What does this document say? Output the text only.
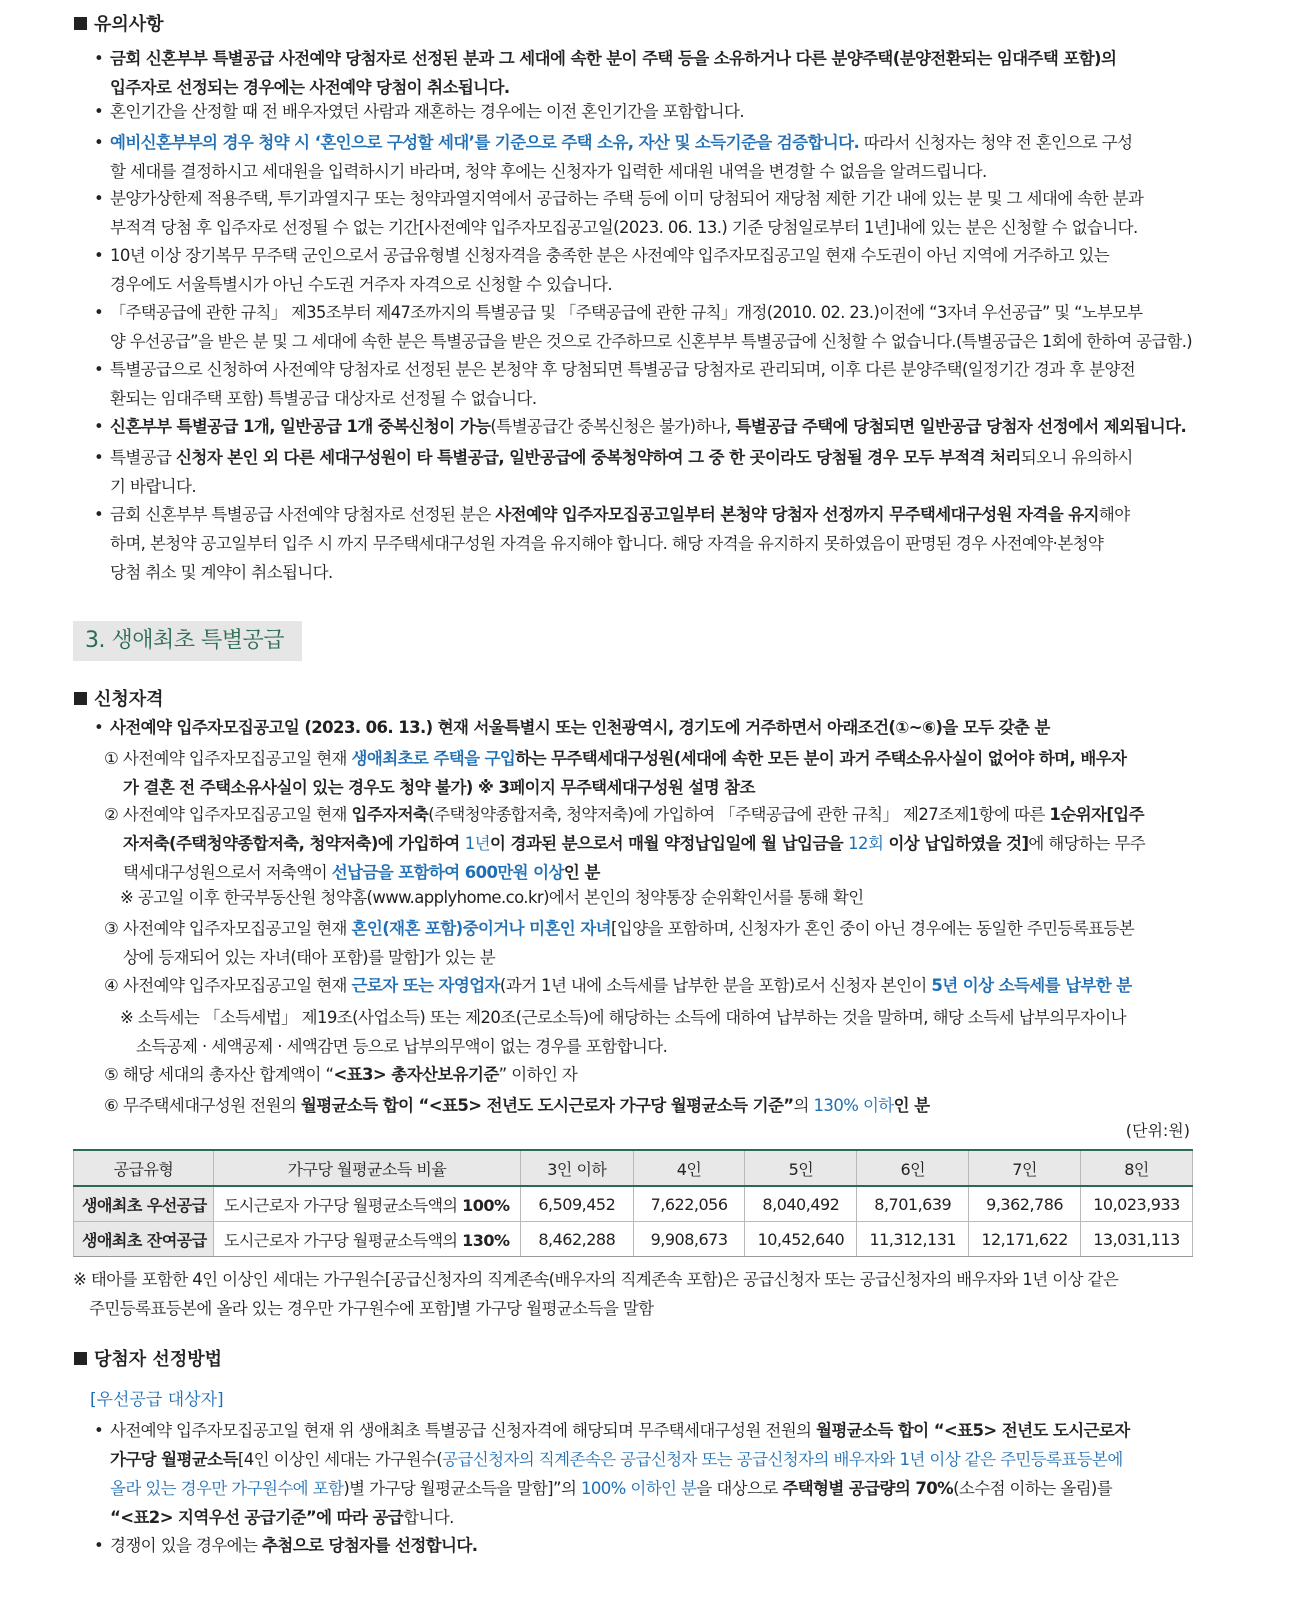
유의사항
• 금회 신혼부부 특별공급 사전예약 당첨자로 선정된 분과 그 세대에 속한 분이 주택 등을 소유하거나 다른 분양주택(분양전환되는 임대주택 포함)의
입주자로 선정되는 경우에는 사전예약 당첨이 취소됩니다.
• 혼인기간을 산정할 때 전 배우자였던 사람과 재혼하는 경우에는 이전 혼인기간을 포함합니다.
• 예비신혼부부의 경우 청약 시 ‘혼인으로 구성할 세대’를 기준으로 주택 소유, 자산 및 소득기준을 검증합니다. 따라서 신청자는 청약 전 혼인으로 구성
할 세대를 결정하시고 세대원을 입력하시기 바라며, 청약 후에는 신청자가 입력한 세대원 내역을 변경할 수 없음을 알려드립니다.
• 분양가상한제 적용주택, 투기과열지구 또는 청약과열지역에서 공급하는 주택 등에 이미 당첨되어 재당첨 제한 기간 내에 있는 분 및 그 세대에 속한 분과
부적격 당첨 후 입주자로 선정될 수 없는 기간[사전예약 입주자모집공고일(2023. 06. 13.) 기준 당첨일로부터 1년]내에 있는 분은 신청할 수 없습니다.
• 10년 이상 장기복무 무주택 군인으로서 공급유형별 신청자격을 충족한 분은 사전예약 입주자모집공고일 현재 수도권이 아닌 지역에 거주하고 있는
경우에도 서울특별시가 아닌 수도권 거주자 자격으로 신청할 수 있습니다.
• 「주택공급에 관한 규칙」 제35조부터 제47조까지의 특별공급 및 「주택공급에 관한 규칙」개정(2010. 02. 23.)이전에 “3자녀 우선공급” 및 “노부모부
양 우선공급”을 받은 분 및 그 세대에 속한 분은 특별공급을 받은 것으로 간주하므로 신혼부부 특별공급에 신청할 수 없습니다.(특별공급은 1회에 한하여 공급함.)
• 특별공급으로 신청하여 사전예약 당첨자로 선정된 분은 본청약 후 당첨되면 특별공급 당첨자로 관리되며, 이후 다른 분양주택(일정기간 경과 후 분양전
환되는 임대주택 포함) 특별공급 대상자로 선정될 수 없습니다.
• 신혼부부 특별공급 1개, 일반공급 1개 중복신청이 가능(특별공급간 중복신청은 불가)하나, 특별공급 주택에 당첨되면 일반공급 당첨자 선정에서 제외됩니다.
• 특별공급 신청자 본인 외 다른 세대구성원이 타 특별공급, 일반공급에 중복청약하여 그 중 한 곳이라도 당첨될 경우 모두 부적격 처리되오니 유의하시
기 바랍니다.
• 금회 신혼부부 특별공급 사전예약 당첨자로 선정된 분은 사전예약 입주자모집공고일부터 본청약 당첨자 선정까지 무주택세대구성원 자격을 유지해야
하며, 본청약 공고일부터 입주 시 까지 무주택세대구성원 자격을 유지해야 합니다. 해당 자격을 유지하지 못하였음이 판명된 경우 사전예약·본청약
당첨 취소 및 계약이 취소됩니다.
3. 생애최초 특별공급
신청자격
• 사전예약 입주자모집공고일 (2023. 06. 13.) 현재 서울특별시 또는 인천광역시, 경기도에 거주하면서 아래조건(①~⑥)을 모두 갖춘 분
① 사전예약 입주자모집공고일 현재 생애최초로 주택을 구입하는 무주택세대구성원(세대에 속한 모든 분이 과거 주택소유사실이 없어야 하며, 배우자
가 결혼 전 주택소유사실이 있는 경우도 청약 불가) ※ 3페이지 무주택세대구성원 설명 참조
② 사전예약 입주자모집공고일 현재 입주자저축(주택청약종합저축, 청약저축)에 가입하여 「주택공급에 관한 규칙」 제27조제1항에 따른 1순위자[입주
자저축(주택청약종합저축, 청약저축)에 가입하여 1년이 경과된 분으로서 매월 약정납입일에 월 납입금을 12회 이상 납입하였을 것]에 해당하는 무주
택세대구성원으로서 저축액이 선납금을 포함하여 600만원 이상인 분
※ 공고일 이후 한국부동산원 청약홈(www.applyhome.co.kr)에서 본인의 청약통장 순위확인서를 통해 확인
③ 사전예약 입주자모집공고일 현재 혼인(재혼 포함)중이거나 미혼인 자녀[입양을 포함하며, 신청자가 혼인 중이 아닌 경우에는 동일한 주민등록표등본
상에 등재되어 있는 자녀(태아 포함)를 말함]가 있는 분
④ 사전예약 입주자모집공고일 현재 근로자 또는 자영업자(과거 1년 내에 소득세를 납부한 분을 포함)로서 신청자 본인이 5년 이상 소득세를 납부한 분
※ 소득세는 「소득세법」 제19조(사업소득) 또는 제20조(근로소득)에 해당하는 소득에 대하여 납부하는 것을 말하며, 해당 소득세 납부의무자이나
소득공제 · 세액공제 · 세액감면 등으로 납부의무액이 없는 경우를 포함합니다.
⑤ 해당 세대의 총자산 합계액이 “<표3> 총자산보유기준” 이하인 자
⑥ 무주택세대구성원 전원의 월평균소득 합이 “<표5> 전년도 도시근로자 가구당 월평균소득 기준”의 130% 이하인 분
(단위:원)
공급유형	가구당 월평균소득 비율	3인 이하	4인	5인	6인	7인	8인
생애최초 우선공급	도시근로자 가구당 월평균소득액의 100%	6,509,452	7,622,056	8,040,492	8,701,639	9,362,786	10,023,933
생애최초 잔여공급	도시근로자 가구당 월평균소득액의 130%	8,462,288	9,908,673	10,452,640	11,312,131	12,171,622	13,031,113
※ 태아를 포함한 4인 이상인 세대는 가구원수[공급신청자의 직계존속(배우자의 직계존속 포함)은 공급신청자 또는 공급신청자의 배우자와 1년 이상 같은
주민등록표등본에 올라 있는 경우만 가구원수에 포함]별 가구당 월평균소득을 말함
당첨자 선정방법
[우선공급 대상자]
• 사전예약 입주자모집공고일 현재 위 생애최초 특별공급 신청자격에 해당되며 무주택세대구성원 전원의 월평균소득 합이 “<표5> 전년도 도시근로자
가구당 월평균소득[4인 이상인 세대는 가구원수(공급신청자의 직계존속은 공급신청자 또는 공급신청자의 배우자와 1년 이상 같은 주민등록표등본에
올라 있는 경우만 가구원수에 포함)별 가구당 월평균소득을 말함]”의 100% 이하인 분을 대상으로 주택형별 공급량의 70%(소수점 이하는 올림)를
“<표2> 지역우선 공급기준”에 따라 공급합니다.
• 경쟁이 있을 경우에는 추첨으로 당첨자를 선정합니다.
